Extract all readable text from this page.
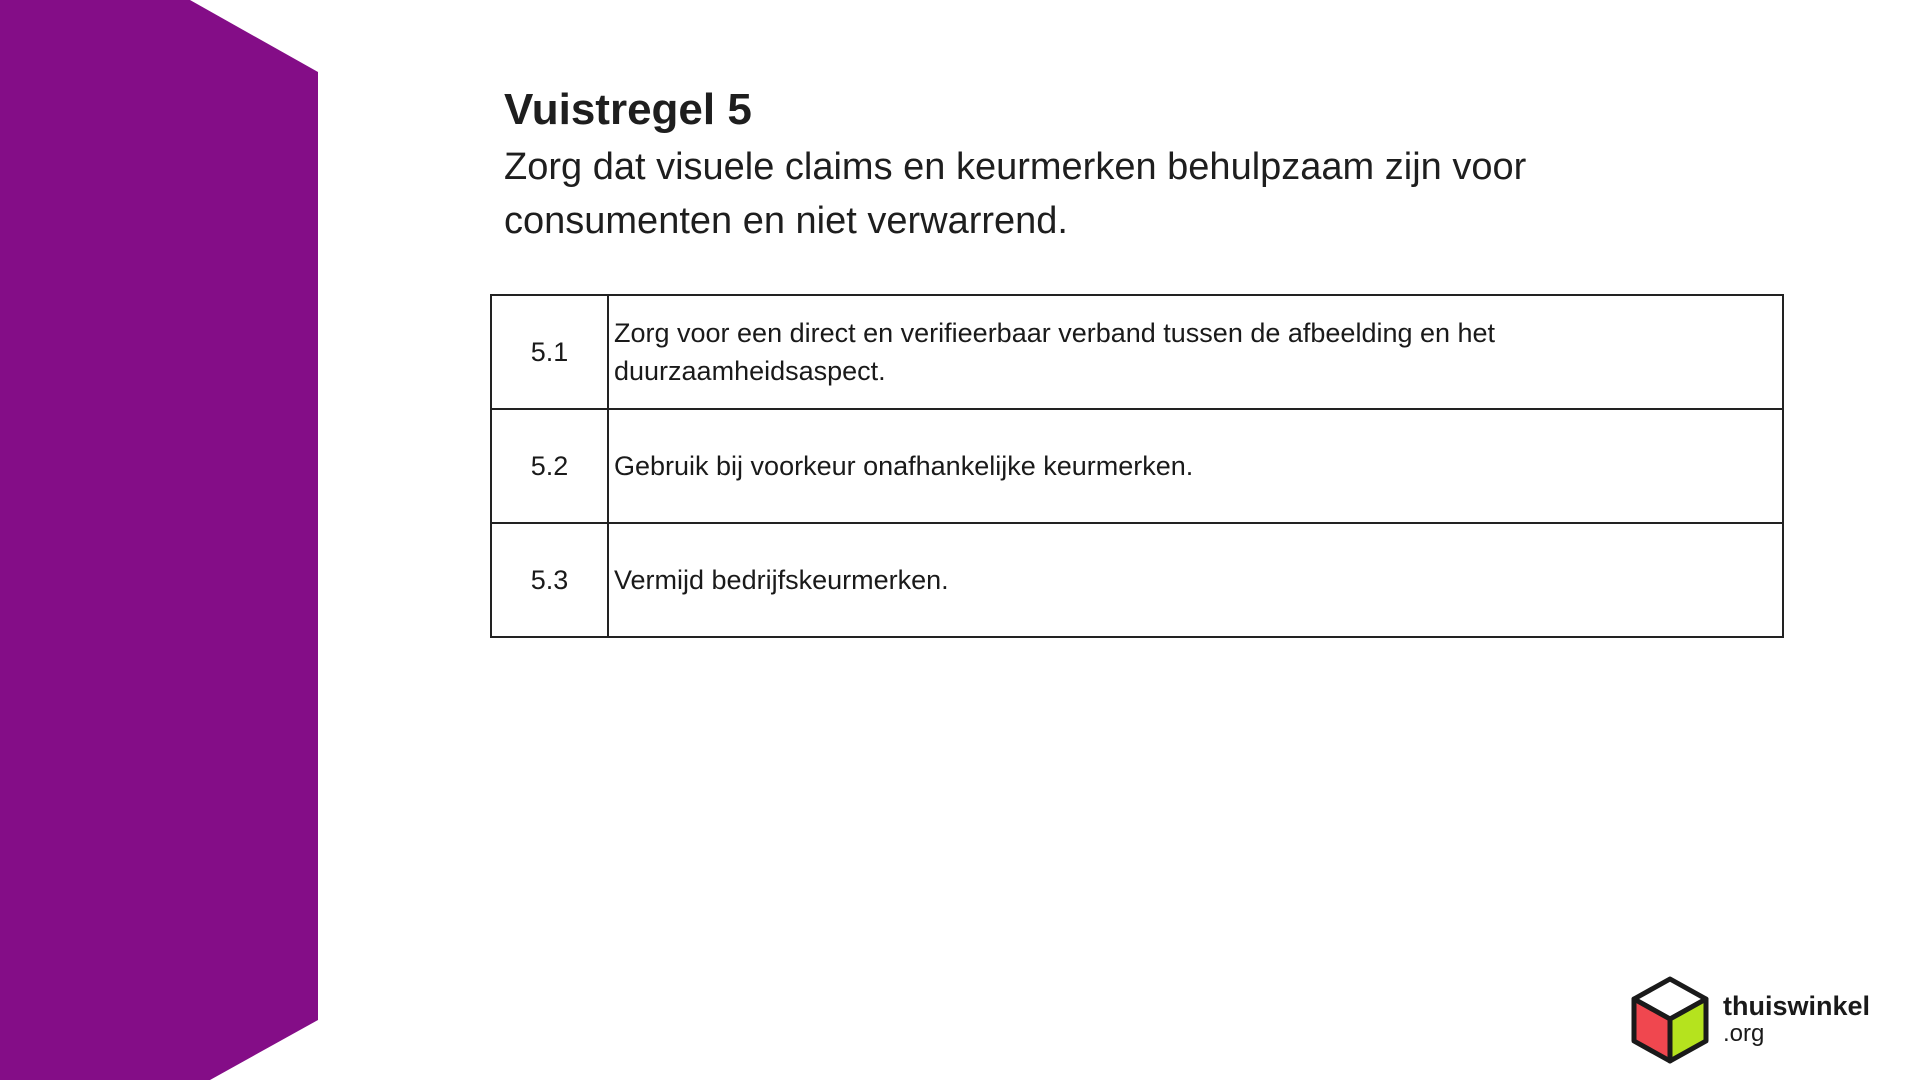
Vuistregel 5

Zorg dat visuele claims en keurmerken behulpzaam zijn voor consumenten en niet verwarrend.

5.1	Zorg voor een direct en verifieerbaar verband tussen de afbeelding en het duurzaamheidsaspect.
5.2	Gebruik bij voorkeur onafhankelijke keurmerken.
5.3	Vermijd bedrijfskeurmerken.
thuiswinkel
.org
